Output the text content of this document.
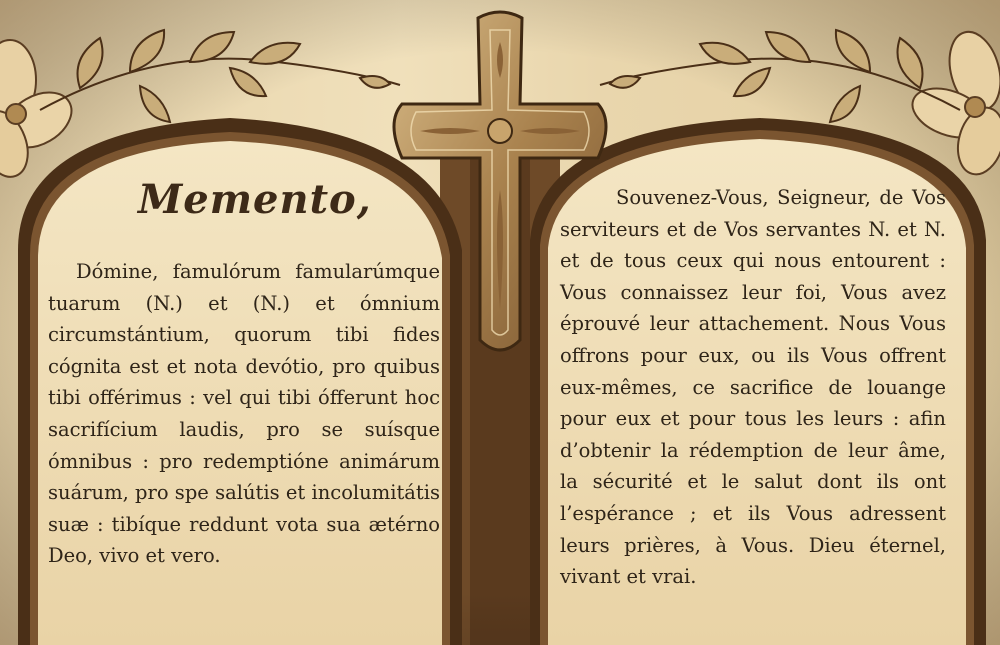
Memento,
Dómine, famulórum famularúmque tuarum (N.) et (N.) et ómnium circumstántium, quorum tibi fides cógnita est et nota devótio, pro quibus tibi offérimus : vel qui tibi ófferunt hoc sacrifícium laudis, pro se suísque ómnibus : pro redemptióne animárum suárum, pro spe salútis et incolumitátis suæ : tibíque reddunt vota sua ætérno Deo, vivo et vero.
Souvenez-Vous, Seigneur, de Vos serviteurs et de Vos servantes N. et N. et de tous ceux qui nous entourent : Vous connaissez leur foi, Vous avez éprouvé leur attachement. Nous Vous offrons pour eux, ou ils Vous offrent eux-mêmes, ce sacrifice de louange pour eux et pour tous les leurs : afin d’obtenir la rédemption de leur âme, la sécurité et le salut dont ils ont l’espérance ; et ils Vous adressent leurs prières, à Vous. Dieu éternel, vivant et vrai.
